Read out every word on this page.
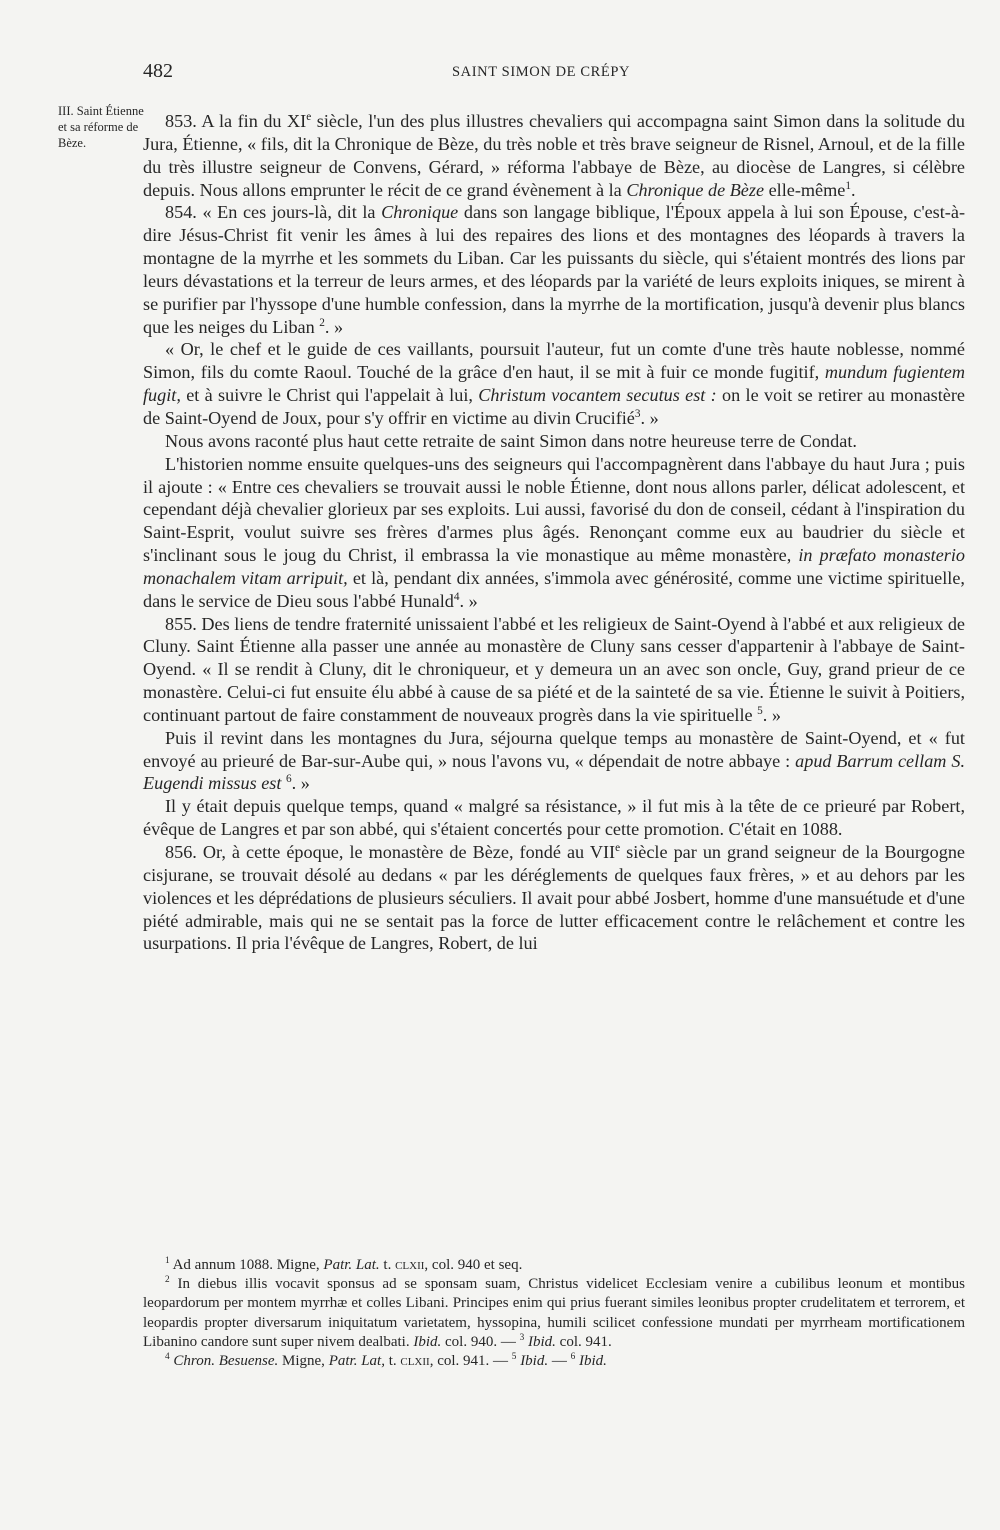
482	SAINT SIMON DE CRÉPY
III. Saint Étienne et sa réforme de Bèze.

853. A la fin du XIe siècle, l'un des plus illustres chevaliers qui accompagna saint Simon dans la solitude du Jura, Étienne, « fils, dit la Chronique de Bèze, du très noble et très brave seigneur de Risnel, Arnoul, et de la fille du très illustre seigneur de Convens, Gérard, » réforma l'abbaye de Bèze, au diocèse de Langres, si célèbre depuis. Nous allons emprunter le récit de ce grand évènement à la Chronique de Bèze elle-même$^1$.

854. « En ces jours-là, dit la Chronique dans son langage biblique, l'Époux appela à lui son Épouse, c'est-à-dire Jésus-Christ fit venir les âmes à lui des repaires des lions et des montagnes des léopards à travers la montagne de la myrrhe et les sommets du Liban. Car les puissants du siècle, qui s'étaient montrés des lions par leurs dévastations et la terreur de leurs armes, et des léopards par la variété de leurs exploits iniques, se mirent à se purifier par l'hyssope d'une humble confession, dans la myrrhe de la mortification, jusqu'à devenir plus blancs que les neiges du Liban $^2$. »

« Or, le chef et le guide de ces vaillants, poursuit l'auteur, fut un comte d'une très haute noblesse, nommé Simon, fils du comte Raoul. Touché de la grâce d'en haut, il se mit à fuir ce monde fugitif, mundum fugientem fugit, et à suivre le Christ qui l'appelait à lui, Christum vocantem secutus est : on le voit se retirer au monastère de Saint-Oyend de Joux, pour s'y offrir en victime au divin Crucifié$^3$. »

Nous avons raconté plus haut cette retraite de saint Simon dans notre heureuse terre de Condat.

L'historien nomme ensuite quelques-uns des seigneurs qui l'accompagnèrent dans l'abbaye du haut Jura ; puis il ajoute : « Entre ces chevaliers se trouvait aussi le noble Étienne, dont nous allons parler, délicat adolescent, et cependant déjà chevalier glorieux par ses exploits. Lui aussi, favorisé du don de conseil, cédant à l'inspiration du Saint-Esprit, voulut suivre ses frères d'armes plus âgés. Renonçant comme eux au baudrier du siècle et s'inclinant sous le joug du Christ, il embrassa la vie monastique au même monastère, in præfato monasterio monachalem vitam arripuit, et là, pendant dix années, s'immola avec générosité, comme une victime spirituelle, dans le service de Dieu sous l'abbé Hunald$^4$. »

855. Des liens de tendre fraternité unissaient l'abbé et les religieux de Saint-Oyend à l'abbé et aux religieux de Cluny. Saint Étienne alla passer une année au monastère de Cluny sans cesser d'appartenir à l'abbaye de Saint-Oyend. « Il se rendit à Cluny, dit le chroniqueur, et y demeura un an avec son oncle, Guy, grand prieur de ce monastère. Celui-ci fut ensuite élu abbé à cause de sa piété et de la sainteté de sa vie. Étienne le suivit à Poitiers, continuant partout de faire constamment de nouveaux progrès dans la vie spirituelle $^5$. »

Puis il revint dans les montagnes du Jura, séjourna quelque temps au monastère de Saint-Oyend, et « fut envoyé au prieuré de Bar-sur-Aube qui, » nous l'avons vu, « dépendait de notre abbaye : apud Barrum cellam S. Eugendi missus est $^6$. »

Il y était depuis quelque temps, quand « malgré sa résistance, » il fut mis à la tête de ce prieuré par Robert, évêque de Langres et par son abbé, qui s'étaient concertés pour cette promotion. C'était en 1088.

856. Or, à cette époque, le monastère de Bèze, fondé au VIIe siècle par un grand seigneur de la Bourgogne cisjurane, se trouvait désolé au dedans « par les déréglements de quelques faux frères, » et au dehors par les violences et les déprédations de plusieurs séculiers. Il avait pour abbé Josbert, homme d'une mansuétude et d'une piété admirable, mais qui ne se sentait pas la force de lutter efficacement contre le relâchement et contre les usurpations. Il pria l'évêque de Langres, Robert, de lui

$^1$ Ad annum 1088. Migne, Patr. Lat. t. clxii, col. 940 et seq.

$^2$ In diebus illis vocavit sponsus ad se sponsam suam, Christus videlicet Ecclesiam venire a cubilibus leonum et montibus leopardorum per montem myrrhæ et colles Libani. Principes enim qui prius fuerant similes leonibus propter crudelitatem et terrorem, et leopardis propter diversarum iniquitatum varietatem, hyssopina, humili scilicet confessione mundati per myrrheam mortificationem Libanino candore sunt super nivem dealbati. Ibid. col. 940. — $^3$ Ibid. col. 941.

$^4$ Chron. Besuense. Migne, Patr. Lat, t. clxii, col. 941. — $^5$ Ibid. — $^6$ Ibid.
